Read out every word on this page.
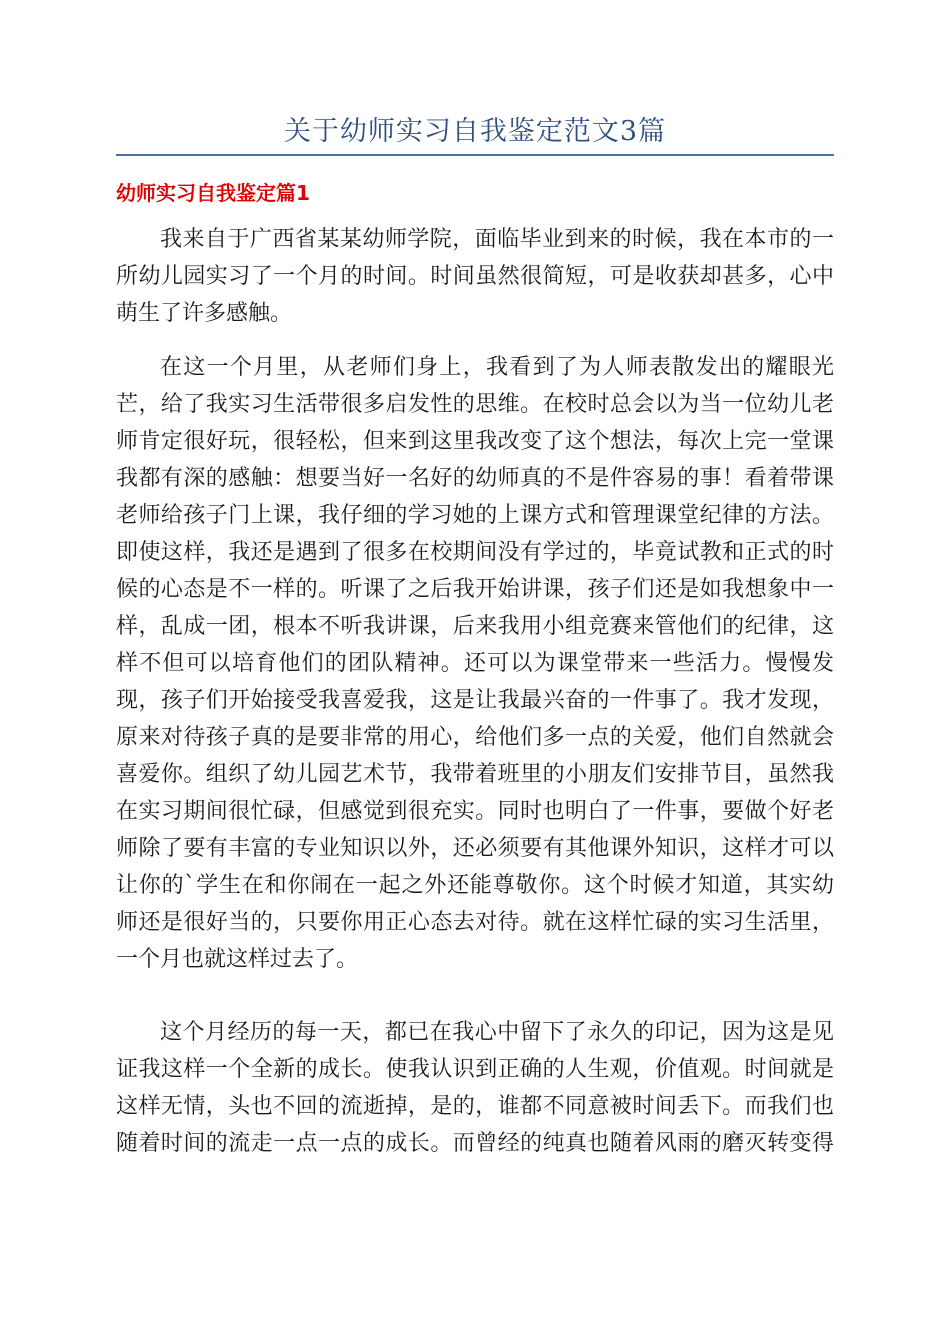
关于幼师实习自我鉴定范文3篇
幼师实习自我鉴定篇1
我来自于广西省某某幼师学院，面临毕业到来的时候，我在本市的一
所幼儿园实习了一个月的时间。时间虽然很简短，可是收获却甚多，心中
萌生了许多感触。
在这一个月里，从老师们身上，我看到了为人师表散发出的耀眼光
芒，给了我实习生活带很多启发性的思维。在校时总会以为当一位幼儿老
师肯定很好玩，很轻松，但来到这里我改变了这个想法，每次上完一堂课
我都有深的感触：想要当好一名好的幼师真的不是件容易的事！看着带课
老师给孩子门上课，我仔细的学习她的上课方式和管理课堂纪律的方法。
即使这样，我还是遇到了很多在校期间没有学过的，毕竟试教和正式的时
候的心态是不一样的。听课了之后我开始讲课，孩子们还是如我想象中一
样，乱成一团，根本不听我讲课，后来我用小组竞赛来管他们的纪律，这
样不但可以培育他们的团队精神。还可以为课堂带来一些活力。慢慢发
现，孩子们开始接受我喜爱我，这是让我最兴奋的一件事了。我才发现，
原来对待孩子真的是要非常的用心，给他们多一点的关爱，他们自然就会
喜爱你。组织了幼儿园艺术节，我带着班里的小朋友们安排节目，虽然我
在实习期间很忙碌，但感觉到很充实。同时也明白了一件事，要做个好老
师除了要有丰富的专业知识以外，还必须要有其他课外知识，这样才可以
让你的`学生在和你闹在一起之外还能尊敬你。这个时候才知道，其实幼
师还是很好当的，只要你用正心态去对待。就在这样忙碌的实习生活里，
一个月也就这样过去了。
这个月经历的每一天，都已在我心中留下了永久的印记，因为这是见
证我这样一个全新的成长。使我认识到正确的人生观，价值观。时间就是
这样无情，头也不回的流逝掉，是的，谁都不同意被时间丢下。而我们也
随着时间的流走一点一点的成长。而曾经的纯真也随着风雨的磨灭转变得
